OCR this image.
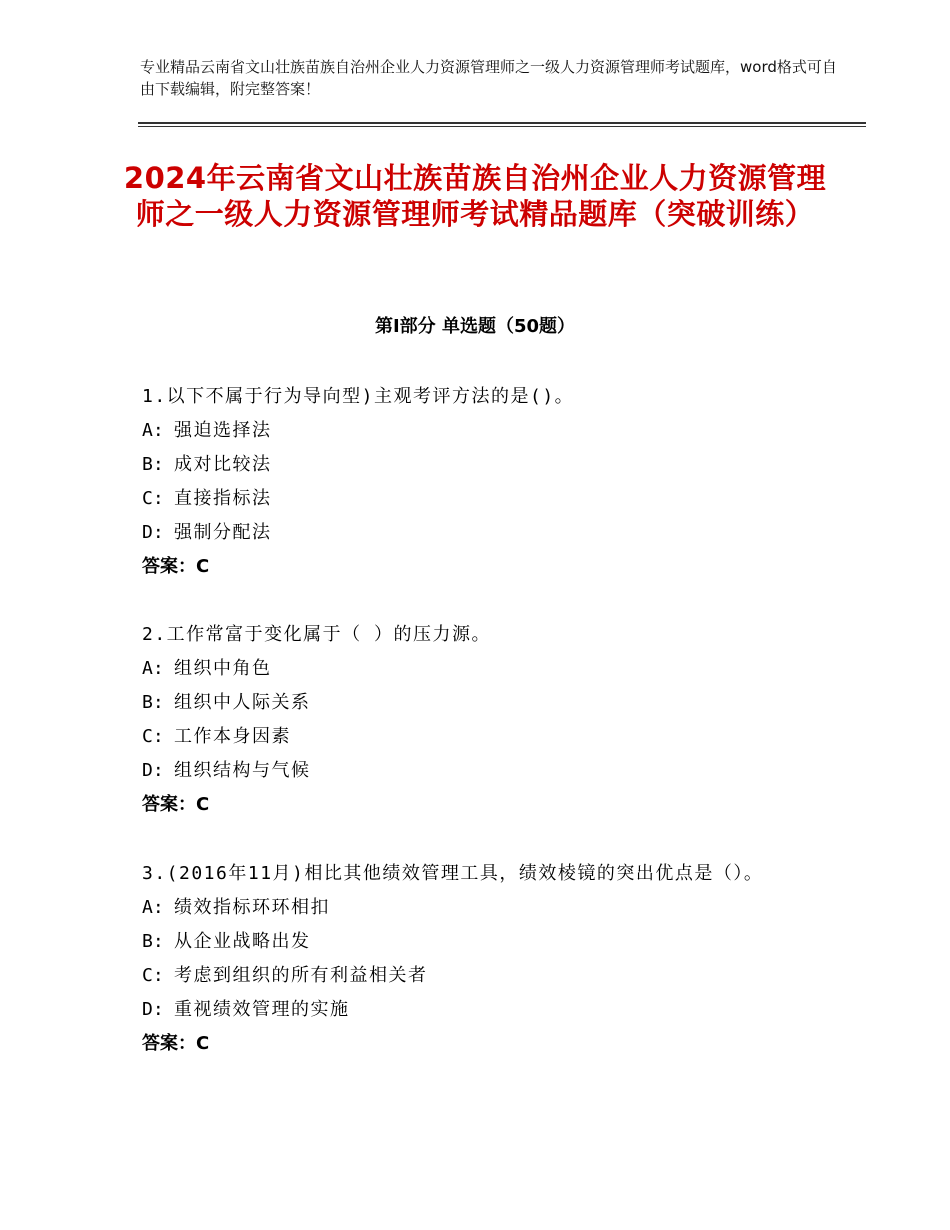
专业精品云南省文山壮族苗族自治州企业人力资源管理师之一级人力资源管理师考试题库，word格式可自由下载编辑，附完整答案！
2024年云南省文山壮族苗族自治州企业人力资源管理师之一级人力资源管理师考试精品题库（突破训练）
第Ⅰ部分 单选题（50题）
1.以下不属于行为导向型)主观考评方法的是()。
A: 强迫选择法
B: 成对比较法
C: 直接指标法
D: 强制分配法
答案：C
2.工作常富于变化属于（ ）的压力源。
A: 组织中角色
B: 组织中人际关系
C: 工作本身因素
D: 组织结构与气候
答案：C
3.(2016年11月)相比其他绩效管理工具，绩效棱镜的突出优点是（）。
A: 绩效指标环环相扣
B: 从企业战略出发
C: 考虑到组织的所有利益相关者
D: 重视绩效管理的实施
答案：C
